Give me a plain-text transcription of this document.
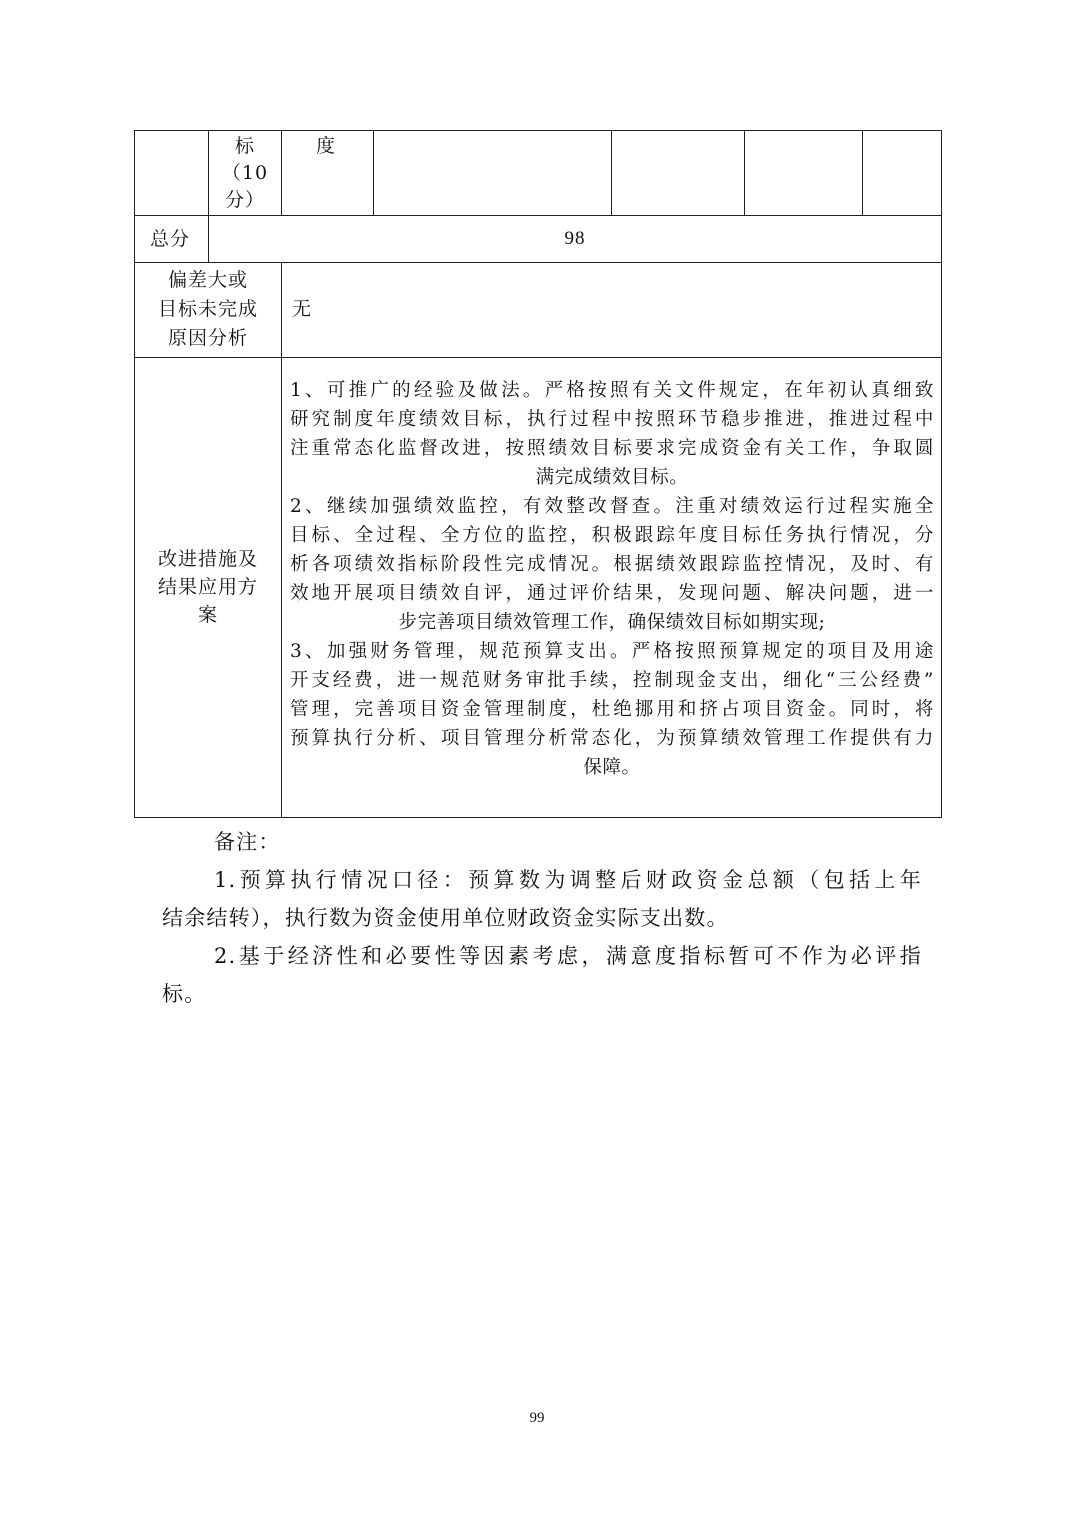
标
（10
分）
度
总分	98
偏差大或
目标未完成
原因分析
无
改进措施及
结果应用方
案
1、可推广的经验及做法。严格按照有关文件规定，在年初认真细致
研究制度年度绩效目标，执行过程中按照环节稳步推进，推进过程中
注重常态化监督改进，按照绩效目标要求完成资金有关工作，争取圆
满完成绩效目标。
2、继续加强绩效监控，有效整改督查。注重对绩效运行过程实施全
目标、全过程、全方位的监控，积极跟踪年度目标任务执行情况，分
析各项绩效指标阶段性完成情况。根据绩效跟踪监控情况，及时、有
效地开展项目绩效自评，通过评价结果，发现问题、解决问题，进一
步完善项目绩效管理工作，确保绩效目标如期实现;
3、加强财务管理，规范预算支出。严格按照预算规定的项目及用途
开支经费，进一规范财务审批手续，控制现金支出，细化“三公经费”
管理，完善项目资金管理制度，杜绝挪用和挤占项目资金。同时，将
预算执行分析、项目管理分析常态化，为预算绩效管理工作提供有力
保障。
备注：
1.预算执行情况口径：预算数为调整后财政资金总额（包括上年
结余结转），执行数为资金使用单位财政资金实际支出数。
2.基于经济性和必要性等因素考虑，满意度指标暂可不作为必评指
标。
99
